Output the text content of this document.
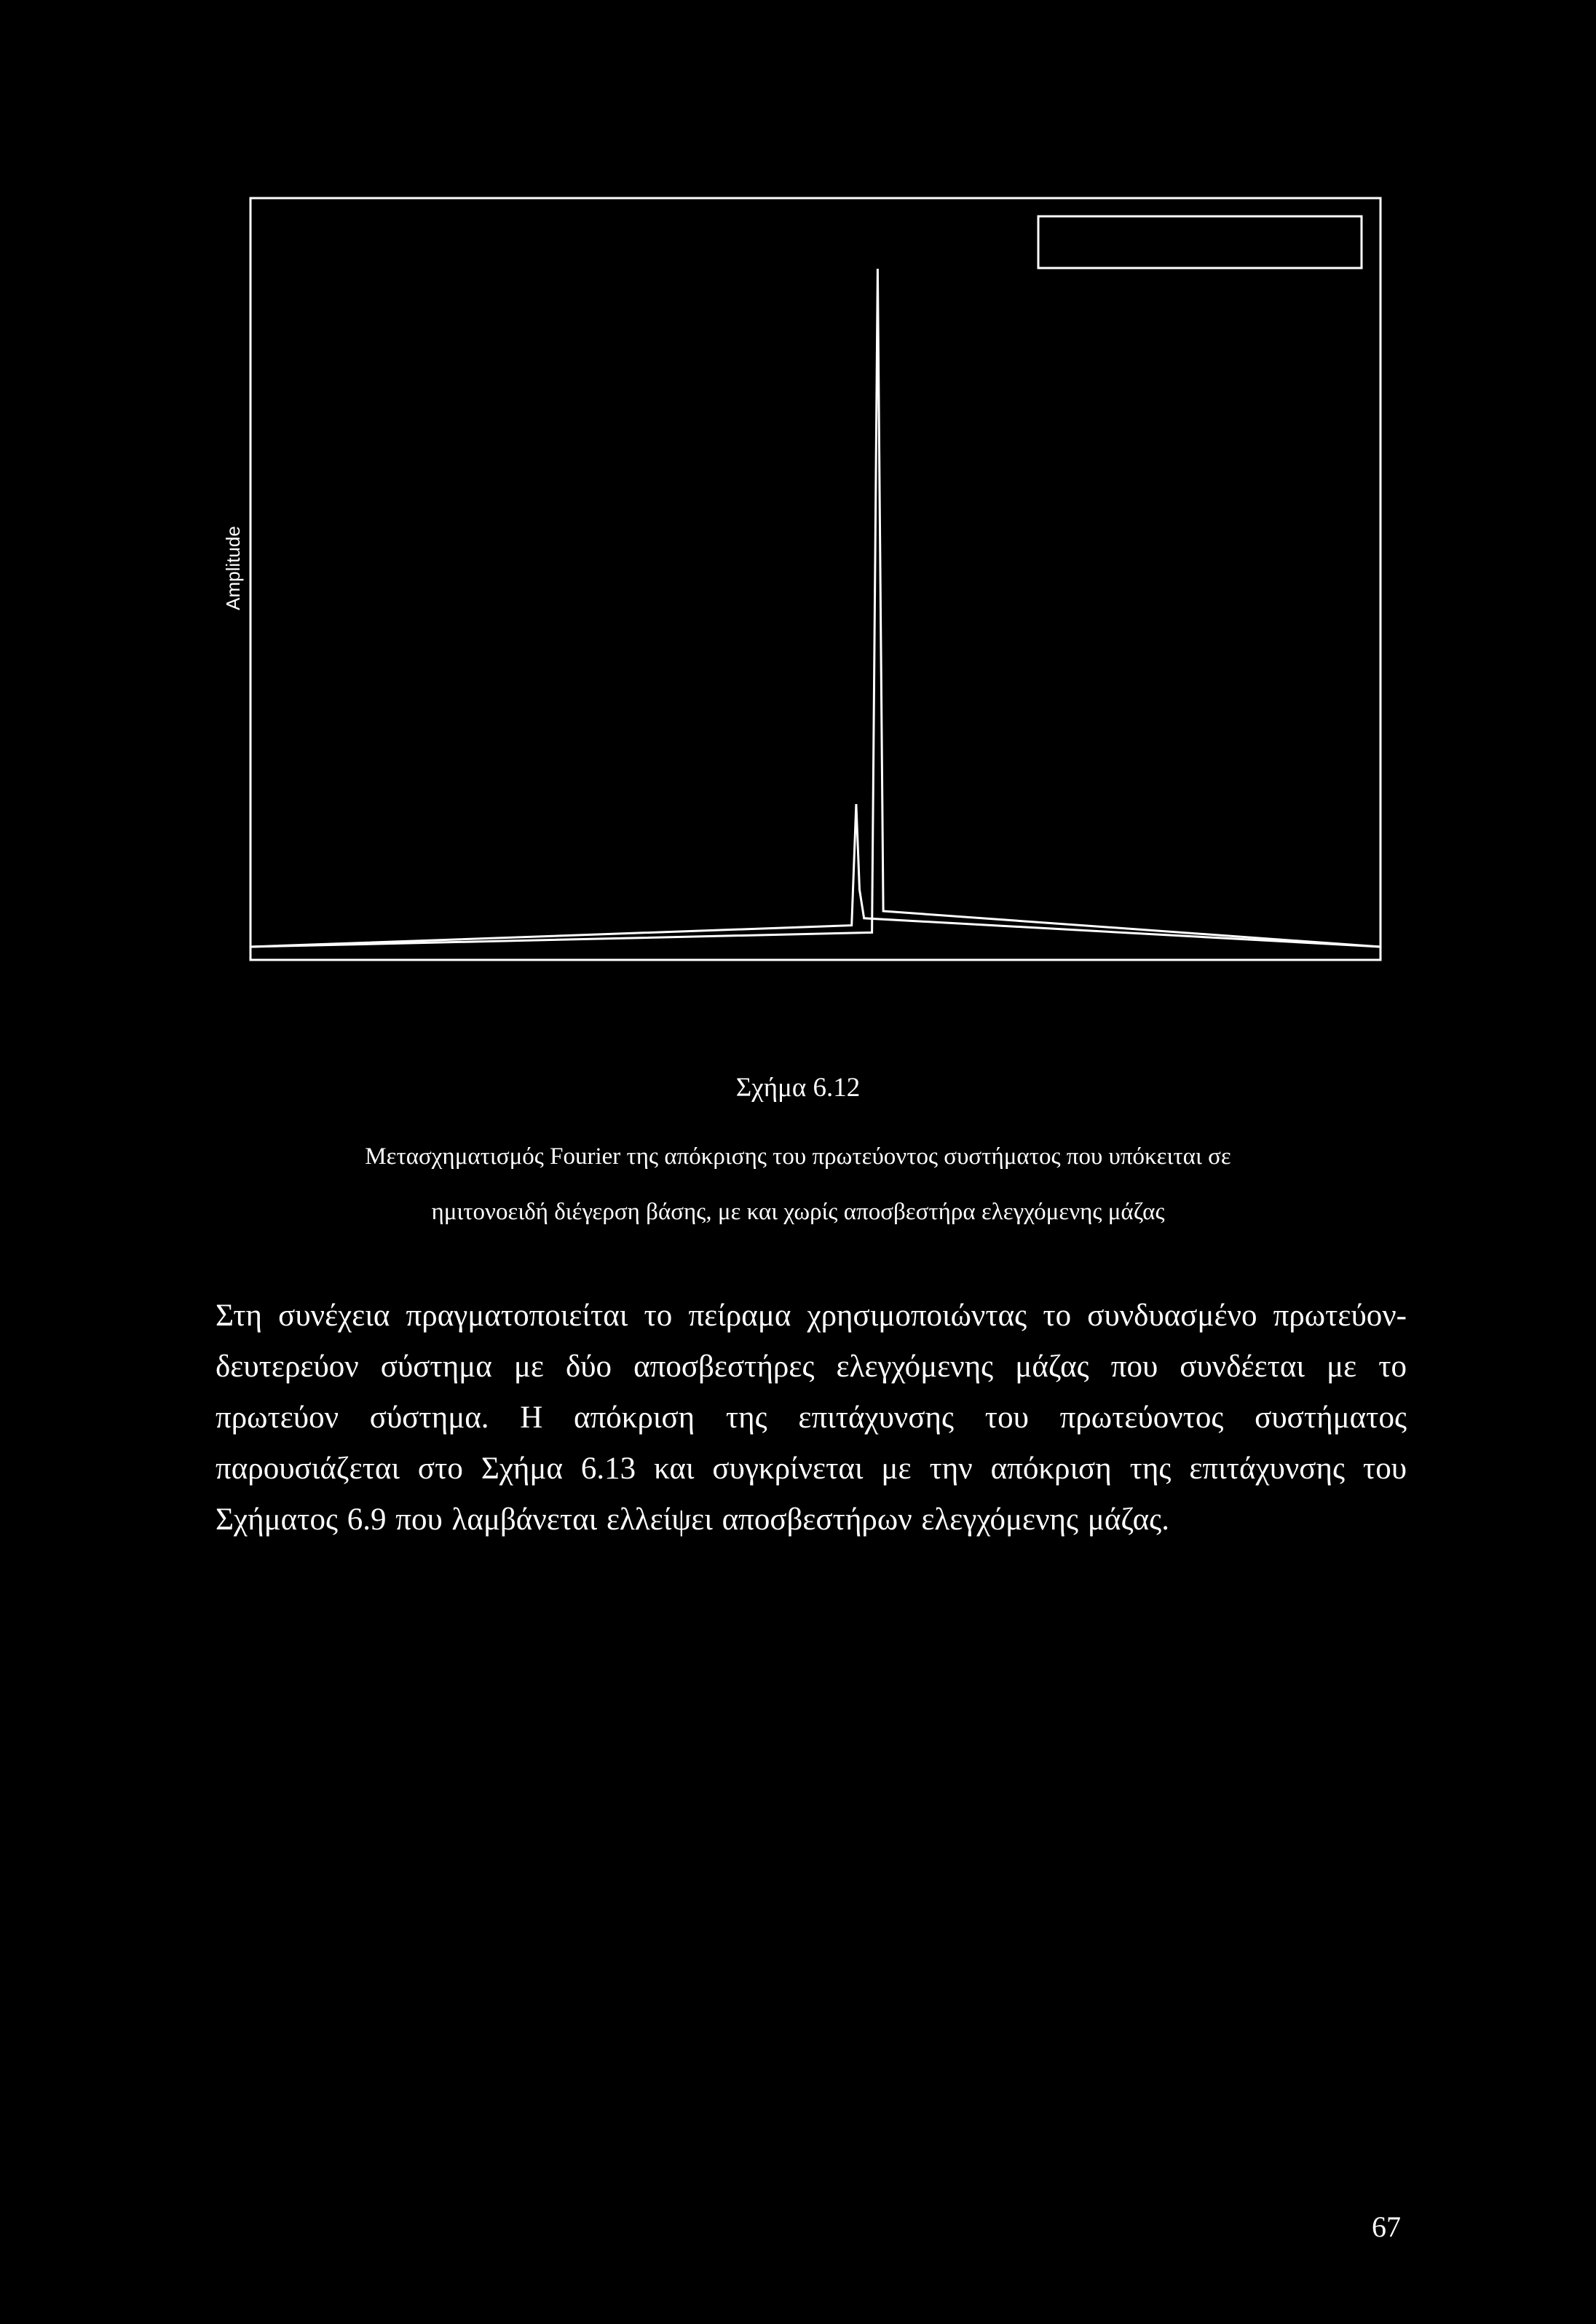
Amplitude
Σχήμα 6.12
Μετασχηματισμός Fourier της απόκρισης του πρωτεύοντος συστήματος που υπόκειται σε
ημιτονοειδή διέγερση βάσης, με και χωρίς αποσβεστήρα ελεγχόμενης μάζας
Στη συνέχεια πραγματοποιείται το πείραμα χρησιμοποιώντας το συνδυασμένο πρωτεύον-δευτερεύον σύστημα με δύο αποσβεστήρες ελεγχόμενης μάζας που συνδέεται με το πρωτεύον σύστημα. Η απόκριση της επιτάχυνσης του πρωτεύοντος συστήματος παρουσιάζεται στο Σχήμα 6.13 και συγκρίνεται με την απόκριση της επιτάχυνσης του Σχήματος 6.9 που λαμβάνεται ελλείψει αποσβεστήρων ελεγχόμενης μάζας.
67
